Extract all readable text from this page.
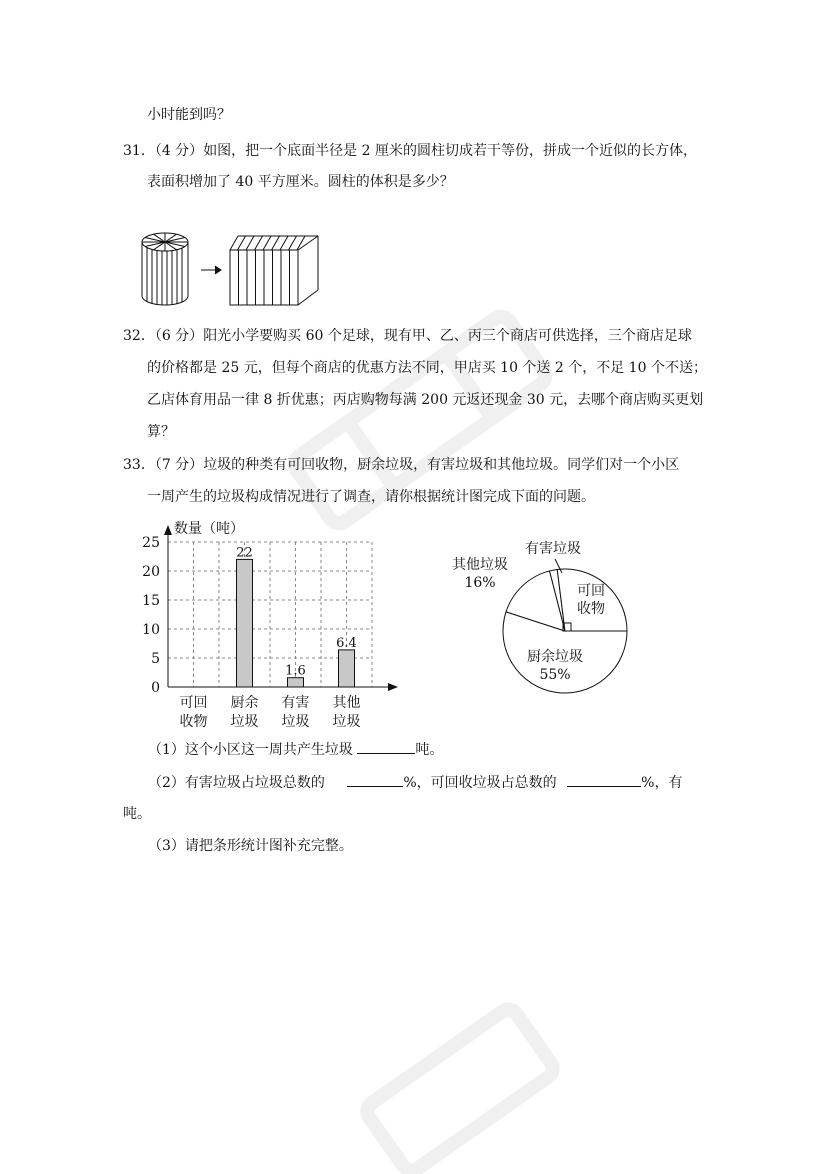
小时能到吗？
31．（4 分）如图，把一个底面半径是 2 厘米的圆柱切成若干等份，拼成一个近似的长方体，
表面积增加了 40 平方厘米。圆柱的体积是多少？
32．（6 分）阳光小学要购买 60 个足球，现有甲、乙、丙三个商店可供选择，三个商店足球
的价格都是 25 元，但每个商店的优惠方法不同，甲店买 10 个送 2 个，不足 10 个不送；
乙店体育用品一律 8 折优惠；丙店购物每满 200 元返还现金 30 元，去哪个商店购买更划
算？
33．（7 分）垃圾的种类有可回收物，厨余垃圾，有害垃圾和其他垃圾。同学们对一个小区
一周产生的垃圾构成情况进行了调查，请你根据统计图完成下面的问题。
数量（吨）
0
5
10
15
20
25
可回
收物
22
厨余
垃圾
1.6
有害
垃圾
6.4
其他
垃圾
厨余垃圾
55%
其他垃圾
16%
有害垃圾
可回
收物
（1）这个小区这一周共产生垃圾	吨。
（2）有害垃圾占垃圾总数的	%，可回收垃圾占总数的	%，有
吨。
（3）请把条形统计图补充完整。
